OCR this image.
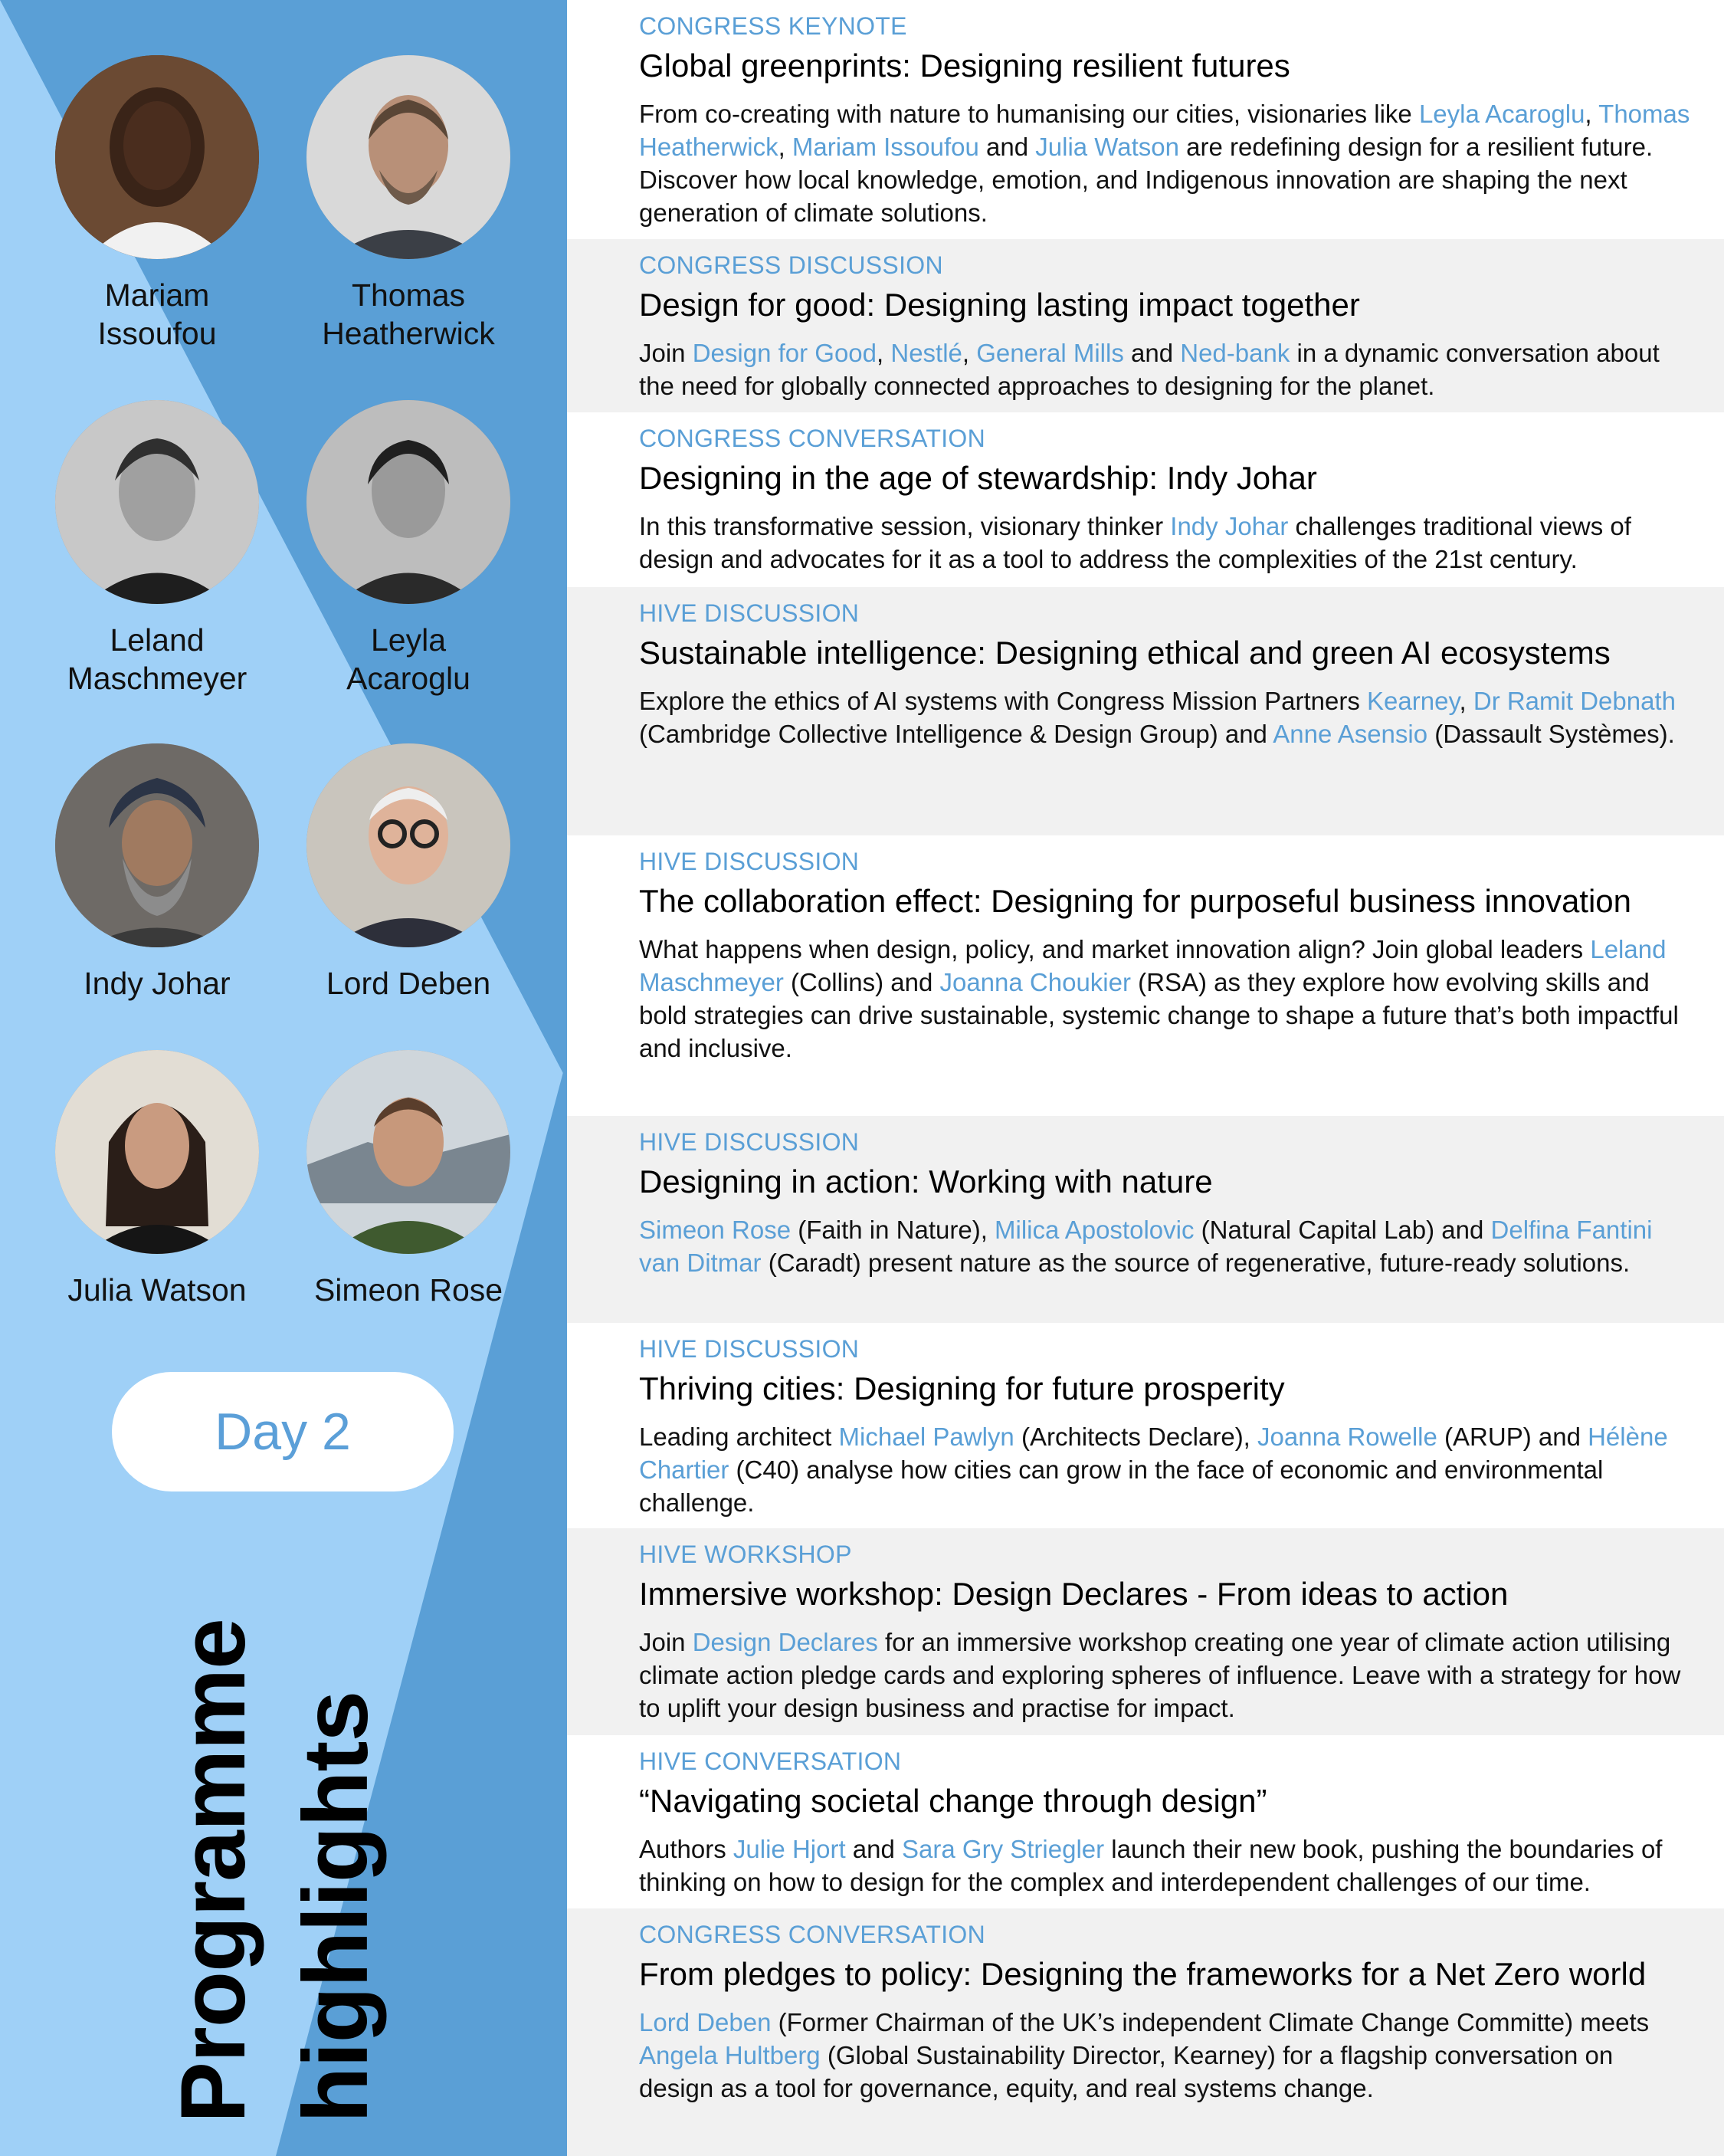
Mariam
Issoufou
Thomas
Heatherwick
Leland
Maschmeyer
Leyla
Acaroglu
Indy Johar	Lord Deben
Julia Watson	Simeon Rose
Day 2
Programme highlights
CONGRESS KEYNOTE
Global greenprints: Designing resilient futures
From co-creating with nature to humanising our cities, visionaries like Leyla Acaroglu, Thomas Heatherwick, Mariam Issoufou and Julia Watson are redefining design for a resilient future. Discover how local knowledge, emotion, and Indigenous innovation are shaping the next generation of climate solutions.
CONGRESS DISCUSSION
Design for good: Designing lasting impact together
Join Design for Good, Nestlé, General Mills and Ned-bank in a dynamic conversation about the need for globally connected approaches to designing for the planet.
CONGRESS CONVERSATION
Designing in the age of stewardship: Indy Johar
In this transformative session, visionary thinker Indy Johar challenges traditional views of design and advocates for it as a tool to address the complexities of the 21st century.
HIVE DISCUSSION
Sustainable intelligence: Designing ethical and green AI ecosystems
Explore the ethics of AI systems with Congress Mission Partners Kearney, Dr Ramit Debnath (Cambridge Collective Intelligence & Design Group) and Anne Asensio (Dassault Systèmes).
HIVE DISCUSSION
The collaboration effect: Designing for purposeful business innovation
What happens when design, policy, and market innovation align? Join global leaders Leland Maschmeyer (Collins) and Joanna Choukier (RSA) as they explore how evolving skills and bold strategies can drive sustainable, systemic change to shape a future that’s both impactful and inclusive.
HIVE DISCUSSION
Designing in action: Working with nature
Simeon Rose (Faith in Nature), Milica Apostolovic (Natural Capital Lab) and Delfina Fantini van Ditmar (Caradt) present nature as the source of regenerative, future-ready solutions.
HIVE DISCUSSION
Thriving cities: Designing for future prosperity
Leading architect Michael Pawlyn (Architects Declare), Joanna Rowelle (ARUP) and Hélène Chartier (C40) analyse how cities can grow in the face of economic and environmental challenge.
HIVE WORKSHOP
Immersive workshop: Design Declares - From ideas to action
Join Design Declares for an immersive workshop creating one year of climate action utilising climate action pledge cards and exploring spheres of influence. Leave with a strategy for how to uplift your design business and practise for impact.
HIVE CONVERSATION
“Navigating societal change through design”
Authors Julie Hjort and Sara Gry Striegler launch their new book, pushing the boundaries of thinking on how to design for the complex and interdependent challenges of our time.
CONGRESS CONVERSATION
From pledges to policy: Designing the frameworks for a Net Zero world
Lord Deben (Former Chairman of the UK’s independent Climate Change Committe) meets Angela Hultberg (Global Sustainability Director, Kearney) for a flagship conversation on design as a tool for governance, equity, and real systems change.
